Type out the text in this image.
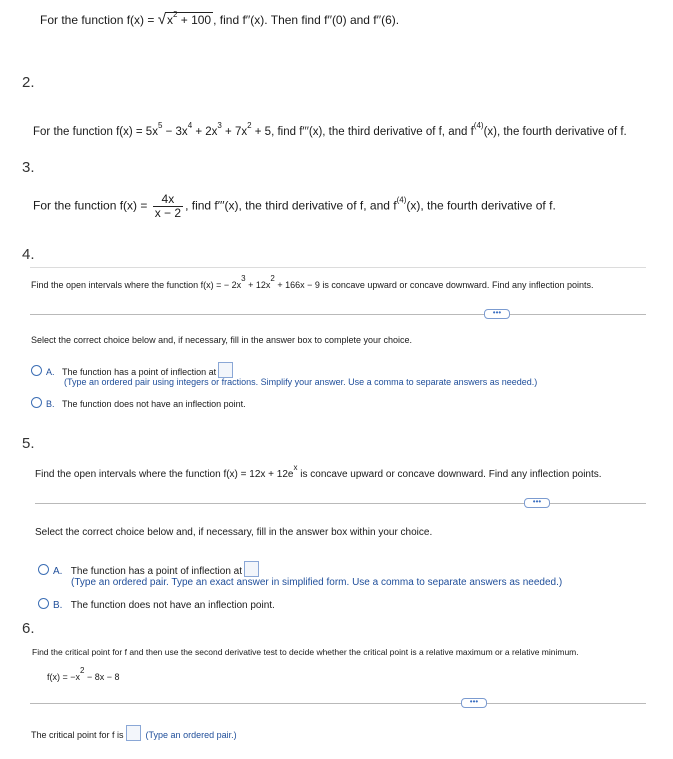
For the function $f(x) = √x^2 + 100$ , find f′′(x). Then find f′′(0) and f′′(6).
2.
For the function $f(x) = 5x^5 - 3x^4 + 2x^3 + 7x^2 + 5$, find f′′′(x), the third derivative of f, and $f^{(4)}(x)$, the fourth derivative of f.
3.
For the function $f(x) = \frac{4x}{x - 2}$ , find f′′′(x), the third derivative of f, and $f^{(4)}(x)$, the fourth derivative of f.
4.
Find the open intervals where the function f(x) = − $2x^3 + 12x^2 + 166x - 9$ is concave upward or concave downward. Find any inflection points.
•••
Select the correct choice below and, if necessary, fill in the answer box to complete your choice.
A. The function has a point of inflection at
(Type an ordered pair using integers or fractions. Simplify your answer. Use a comma to separate answers as needed.)
B. The function does not have an inflection point.
5.
Find the open intervals where the function $f(x) = 12x + 12e^x$ is concave upward or concave downward. Find any inflection points.
•••
Select the correct choice below and, if necessary, fill in the answer box within your choice.
A. The function has a point of inflection at
(Type an ordered pair. Type an exact answer in simplified form. Use a comma to separate answers as needed.)
B. The function does not have an inflection point.
6.
Find the critical point for f and then use the second derivative test to decide whether the critical point is a relative maximum or a relative minimum.
$f(x) = -x^2 - 8x - 8$
•••
The critical point for f is (Type an ordered pair.)
